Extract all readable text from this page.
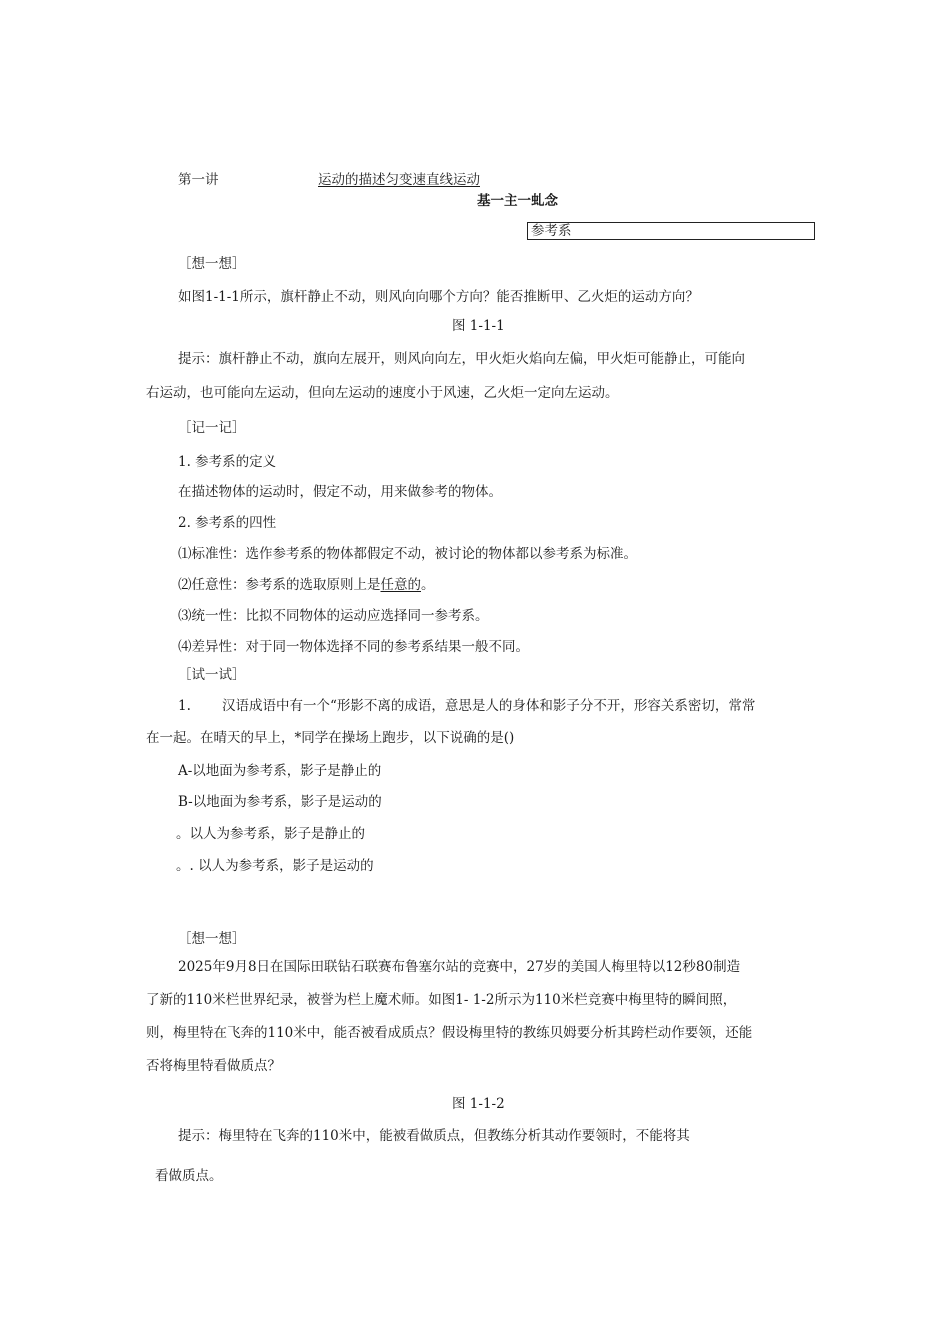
第一讲	运动的描述匀变速直线运动
基一主一虬念
参考系
［想一想］
如图1-1-1所示，旗杆静止不动，则风向向哪个方向？能否推断甲、乙火炬的运动方向？
图 1-1-1
提示：旗杆静止不动，旗向左展开，则风向向左，甲火炬火焰向左偏，甲火炬可能静止，可能向
右运动，也可能向左运动，但向左运动的速度小于风速，乙火炬一定向左运动。
［记一记］
1. 参考系的定义
在描述物体的运动时，假定不动，用来做参考的物体。
2. 参考系的四性
⑴标准性：选作参考系的物体都假定不动，被讨论的物体都以参考系为标准。
⑵任意性：参考系的选取原则上是任意的。
⑶统一性：比拟不同物体的运动应选择同一参考系。
⑷差异性：对于同一物体选择不同的参考系结果一般不同。
［试一试］
1. 汉语成语中有一个“形影不离的成语，意思是人的身体和影子分不开，形容关系密切，常常
在一起。在晴天的早上，*同学在操场上跑步，以下说确的是()
A-以地面为参考系，影子是静止的
B-以地面为参考系，影子是运动的
。以人为参考系，影子是静止的
。. 以人为参考系，影子是运动的
［想一想］
2025年9月8日在国际田联钻石联赛布鲁塞尔站的竞赛中，27岁的美国人梅里特以12秒80制造
了新的110米栏世界纪录，被誉为栏上魔术师。如图1- 1-2所示为110米栏竞赛中梅里特的瞬间照，
则，梅里特在飞奔的110米中，能否被看成质点？假设梅里特的教练贝姆要分析其跨栏动作要领，还能
否将梅里特看做质点？
图 1-1-2
提示：梅里特在飞奔的110米中，能被看做质点，但教练分析其动作要领时，不能将其
看做质点。
